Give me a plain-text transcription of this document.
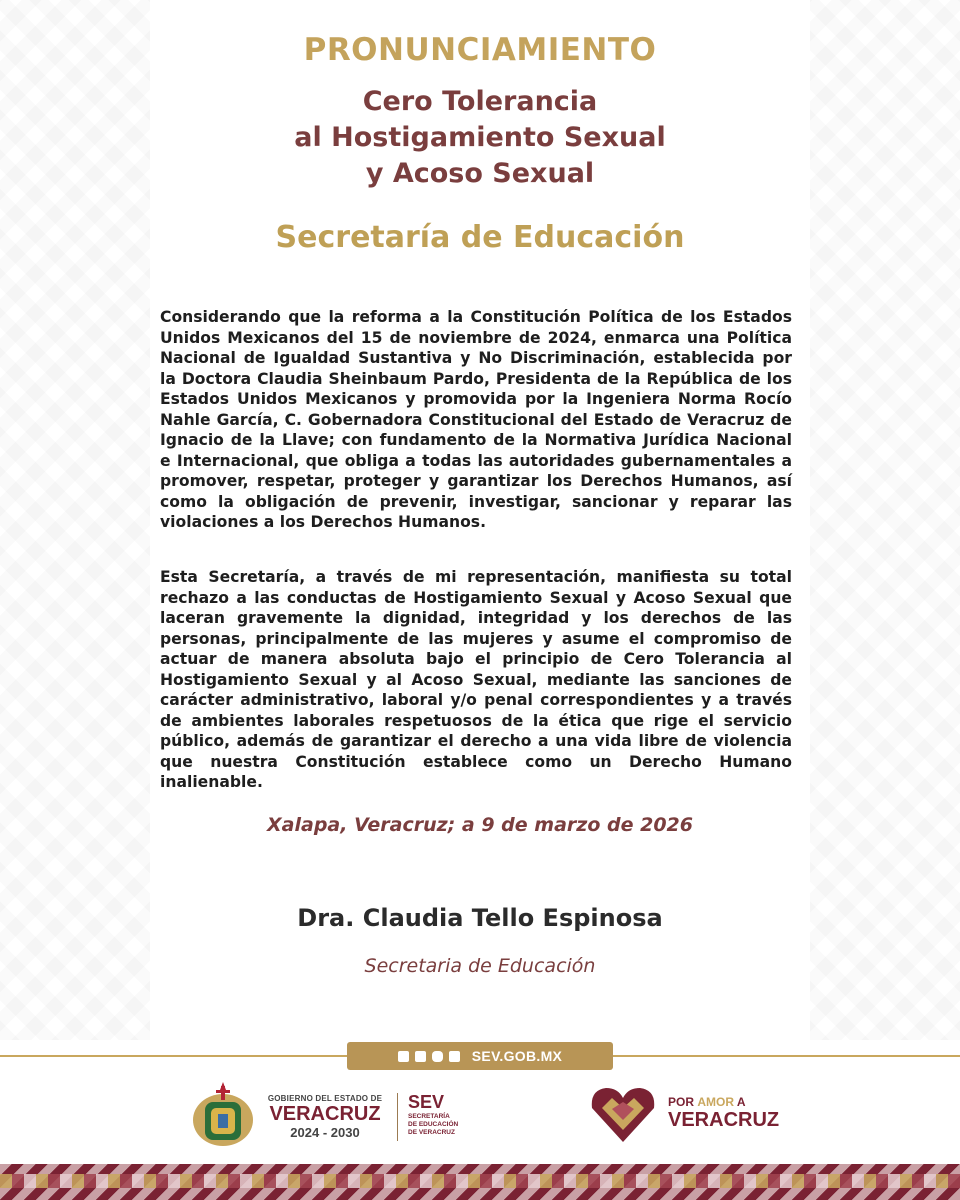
PRONUNCIAMIENTO
Cero Tolerancia
al Hostigamiento Sexual
y Acoso Sexual
Secretaría de Educación

Considerando que la reforma a la Constitución Política de los Estados Unidos Mexicanos del 15 de noviembre de 2024, enmarca una Política Nacional de Igualdad Sustantiva y No Discriminación, establecida por la Doctora Claudia Sheinbaum Pardo, Presidenta de la República de los Estados Unidos Mexicanos y promovida por la Ingeniera Norma Rocío Nahle García, C. Gobernadora Constitucional del Estado de Veracruz de Ignacio de la Llave; con fundamento de la Normativa Jurídica Nacional e Internacional, que obliga a todas las autoridades gubernamentales a promover, respetar, proteger y garantizar los Derechos Humanos, así como la obligación de prevenir, investigar, sancionar y reparar las violaciones a los Derechos Humanos.

Esta Secretaría, a través de mi representación, manifiesta su total rechazo a las conductas de Hostigamiento Sexual y Acoso Sexual que laceran gravemente la dignidad, integridad y los derechos de las personas, principalmente de las mujeres y asume el compromiso de actuar de manera absoluta bajo el principio de Cero Tolerancia al Hostigamiento Sexual y al Acoso Sexual, mediante las sanciones de carácter administrativo, laboral y/o penal correspondientes y a través de ambientes laborales respetuosos de la ética que rige el servicio público, además de garantizar el derecho a una vida libre de violencia que nuestra Constitución establece como un Derecho Humano inalienable.

Xalapa, Veracruz; a 9 de marzo de 2026
Dra. Claudia Tello Espinosa
Secretaria de Educación
SEV.GOB.MX
GOBIERNO DEL ESTADO DE
VERACRUZ
2024 - 2030
SEV
SECRETARÍA
DE EDUCACIÓN
DE VERACRUZ
POR AMOR A
VERACRUZ
